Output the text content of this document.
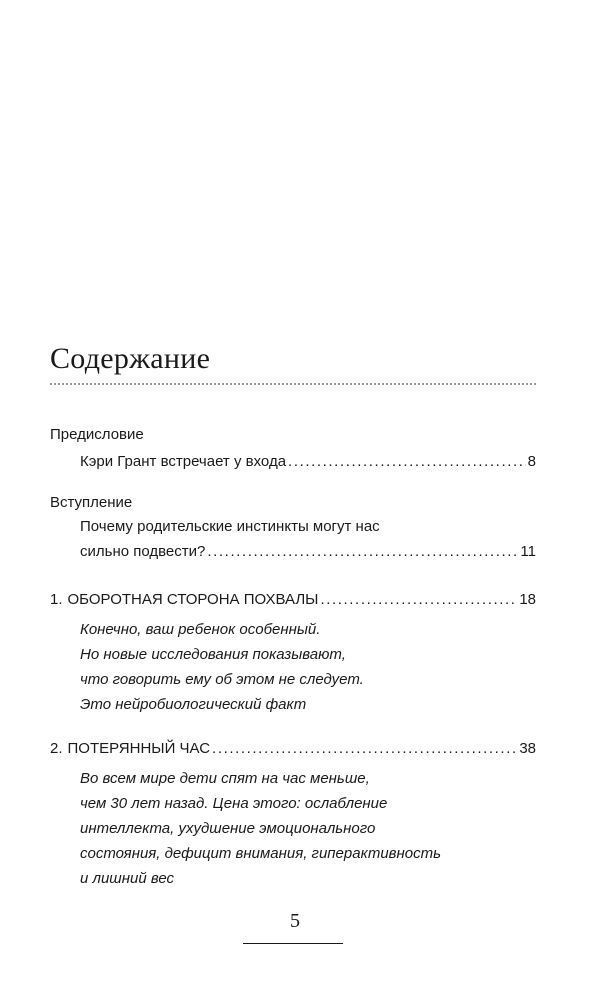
Содержание
Предисловие
Кэри Грант встречает у входа .....	8
Вступление
Почему родительские инстинкты могут нас
сильно подвести? .....	11
1. ОБОРОТНАЯ СТОРОНА ПОХВАЛЫ .....	18
Конечно, ваш ребенок особенный.
Но новые исследования показывают,
что говорить ему об этом не следует.
Это нейробиологический факт
2. ПОТЕРЯННЫЙ ЧАС .....	38
Во всем мире дети спят на час меньше,
чем 30 лет назад. Цена этого: ослабление
интеллекта, ухудшение эмоционального
состояния, дефицит внимания, гиперактивность
и лишний вес
5
